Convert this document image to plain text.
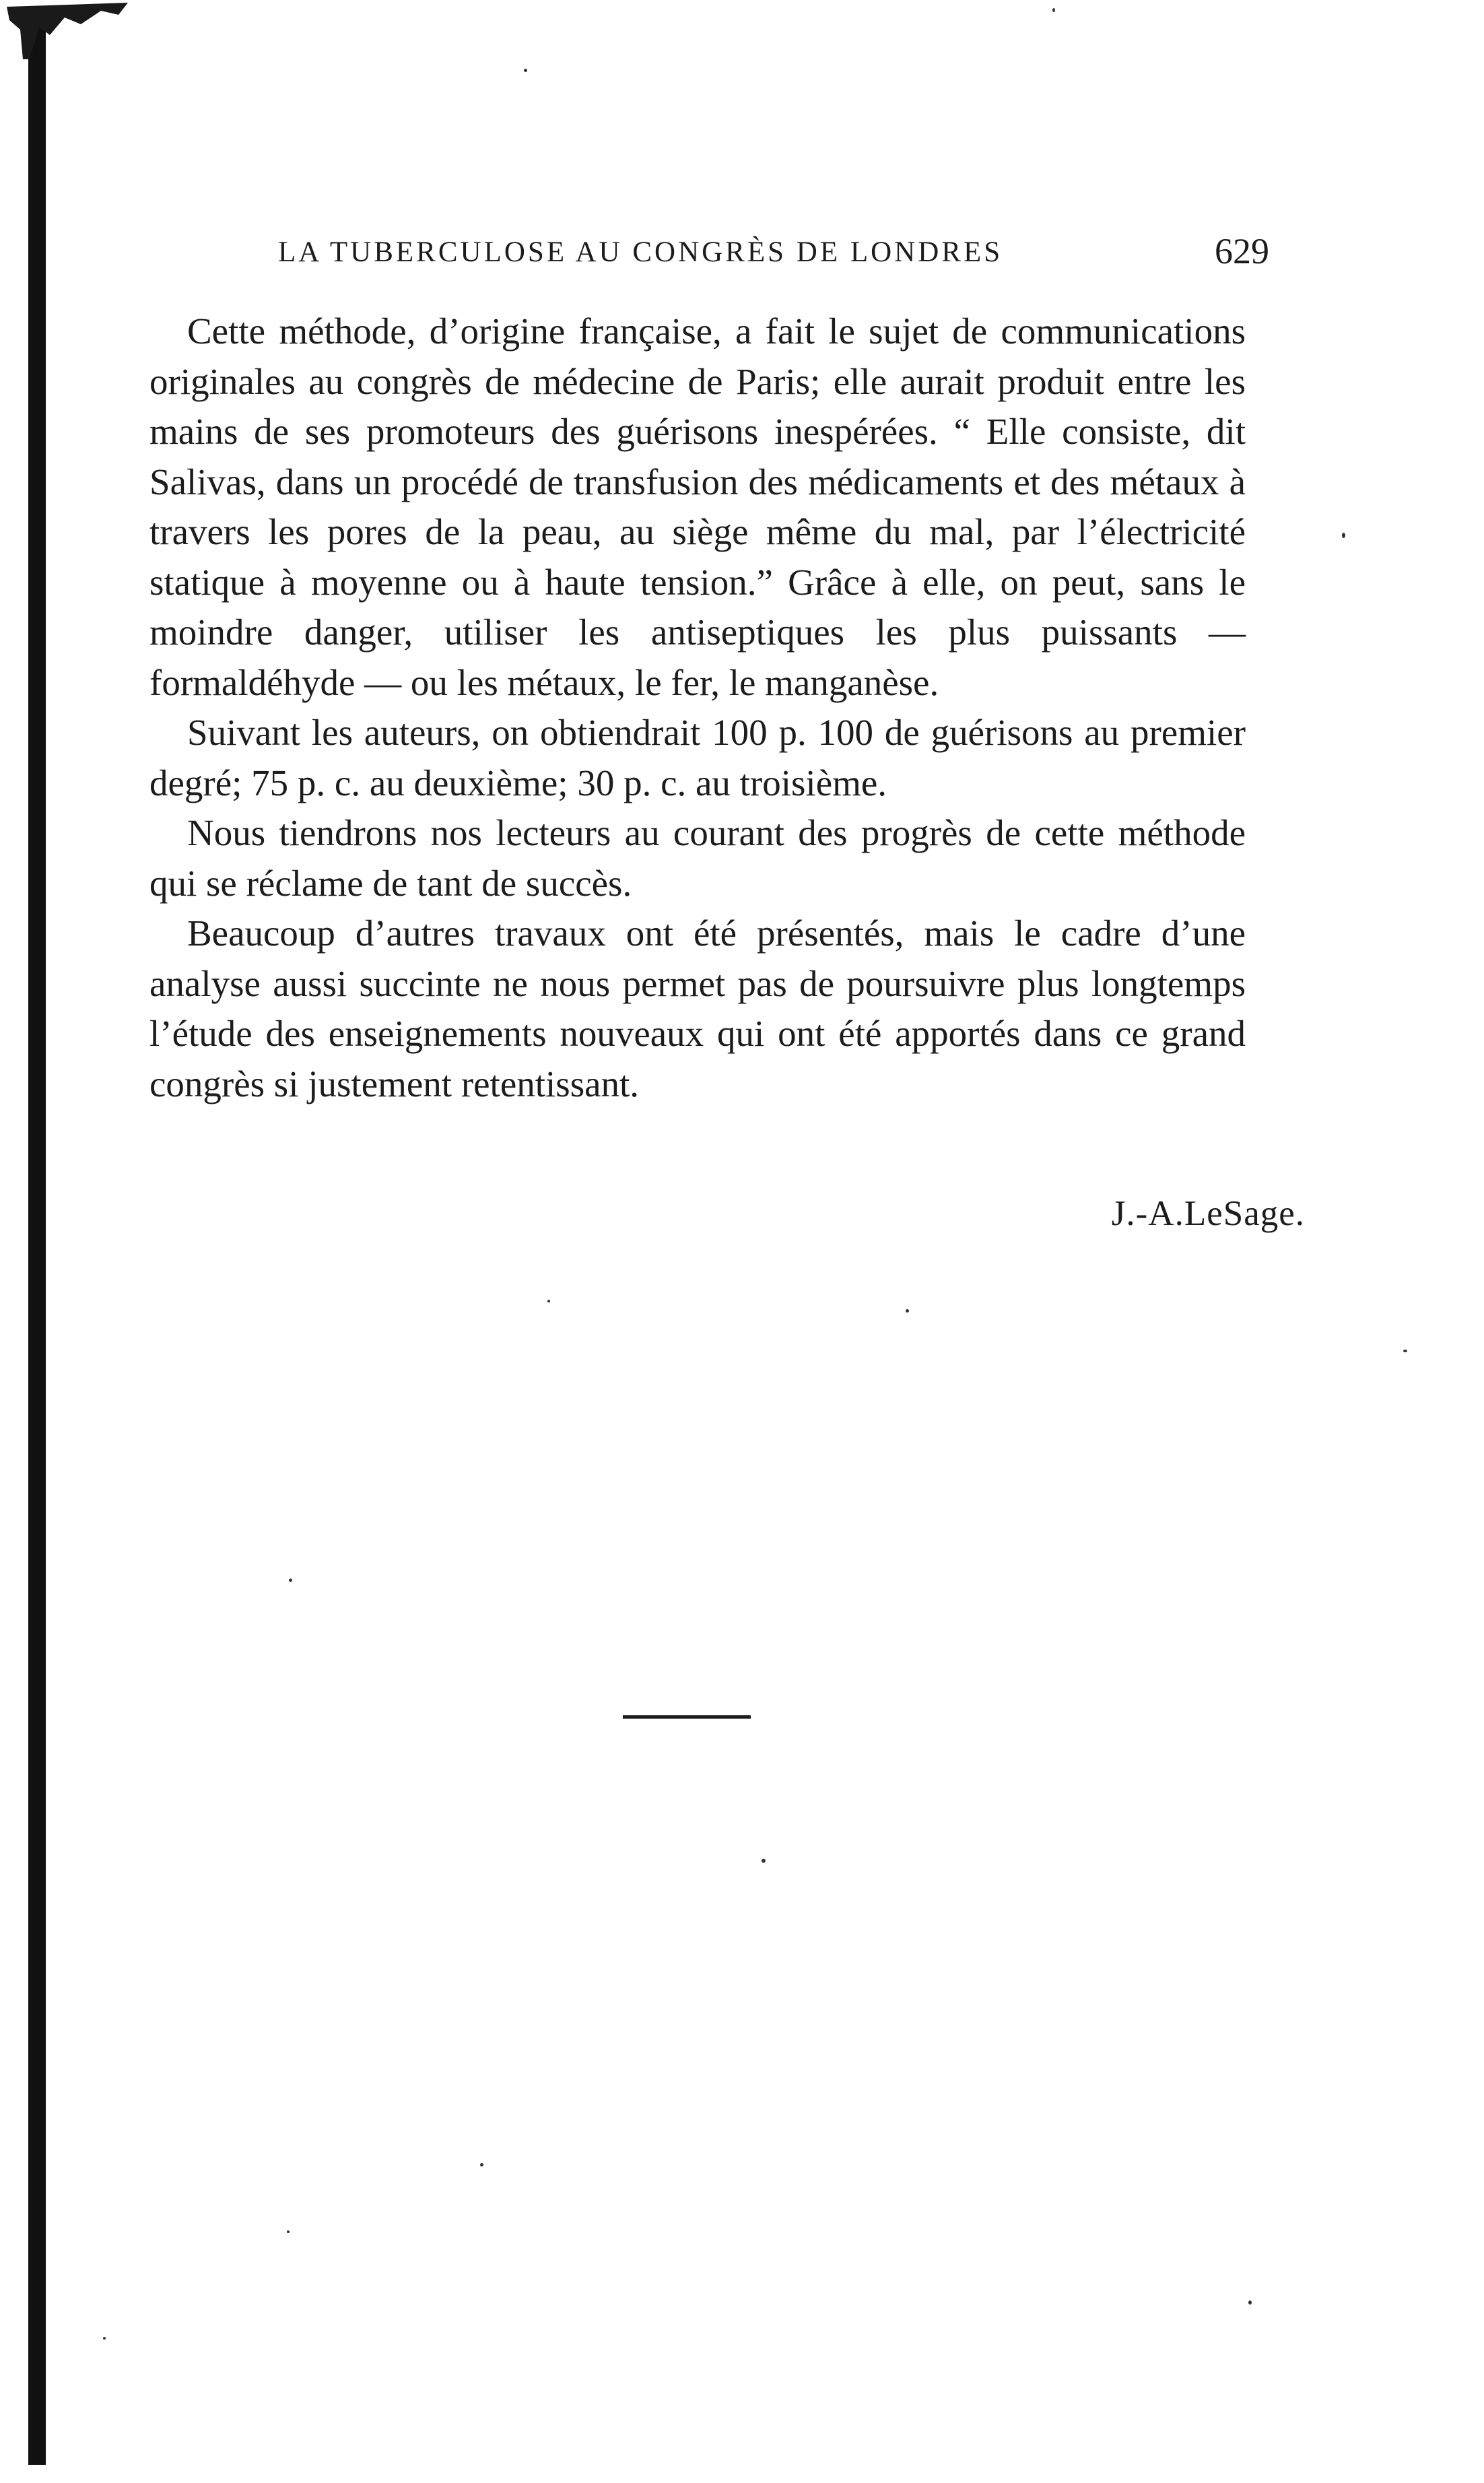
LA TUBERCULOSE AU CONGRÈS DE LONDRES	629

Cette méthode, d’origine française, a fait le sujet de communications originales au congrès de médecine de Paris; elle aurait produit entre les mains de ses promoteurs des guérisons inespérées. “ Elle consiste, dit Salivas, dans un procédé de transfusion des médicaments et des métaux à travers les pores de la peau, au siège même du mal, par l’électricité statique à moyenne ou à haute tension.” Grâce à elle, on peut, sans le moindre danger, utiliser les antiseptiques les plus puissants — formaldéhyde — ou les métaux, le fer, le manganèse.

Suivant les auteurs, on obtiendrait 100 p. 100 de guérisons au premier degré; 75 p. c. au deuxième; 30 p. c. au troisième.

Nous tiendrons nos lecteurs au courant des progrès de cette méthode qui se réclame de tant de succès.

Beaucoup d’autres travaux ont été présentés, mais le cadre d’une analyse aussi succinte ne nous permet pas de poursuivre plus longtemps l’étude des enseignements nouveaux qui ont été apportés dans ce grand congrès si justement retentissant.

J.-A.LeSage.
